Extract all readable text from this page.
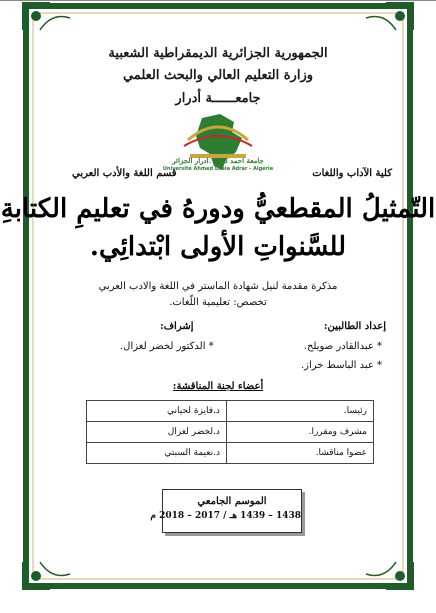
الجمهورية الجزائرية الديمقراطية الشعبية
وزارة التعليم العالي والبحث العلمي
جامعــــــة أدرار
جامعة احمد دراية .ادرار الجزائر
Université Ahmed Draia Adrar - Algérie	كلية الآداب واللغات
قسم اللغة والأدب العربي
التّمثيلُ المقطعيُّ ودورهُ في تعليمِ الكتابةِ
للسَّنواتِ الأولى ابْتدائِي.
مذكرة مقدمة لنيل شهادة الماستر في اللغة والادب العربي
تخصص: تعليمية اللّغات.
إعداد الطالبين:
* عبدالقادر صويلح.
* عبد الباسط خراز.
إشراف:
* الدكتور لخضر لغزال.
أعضاء لجنة المناقشة:
د.فايزة لحياني	رئيسا.
د.لخضر لغزال	مشرف ومقررا.
د.نعيمة السبتي	عضوا مناقشا.
الموسم الجامعي
1438 – 1439 هـ / 2017 – 2018 م
